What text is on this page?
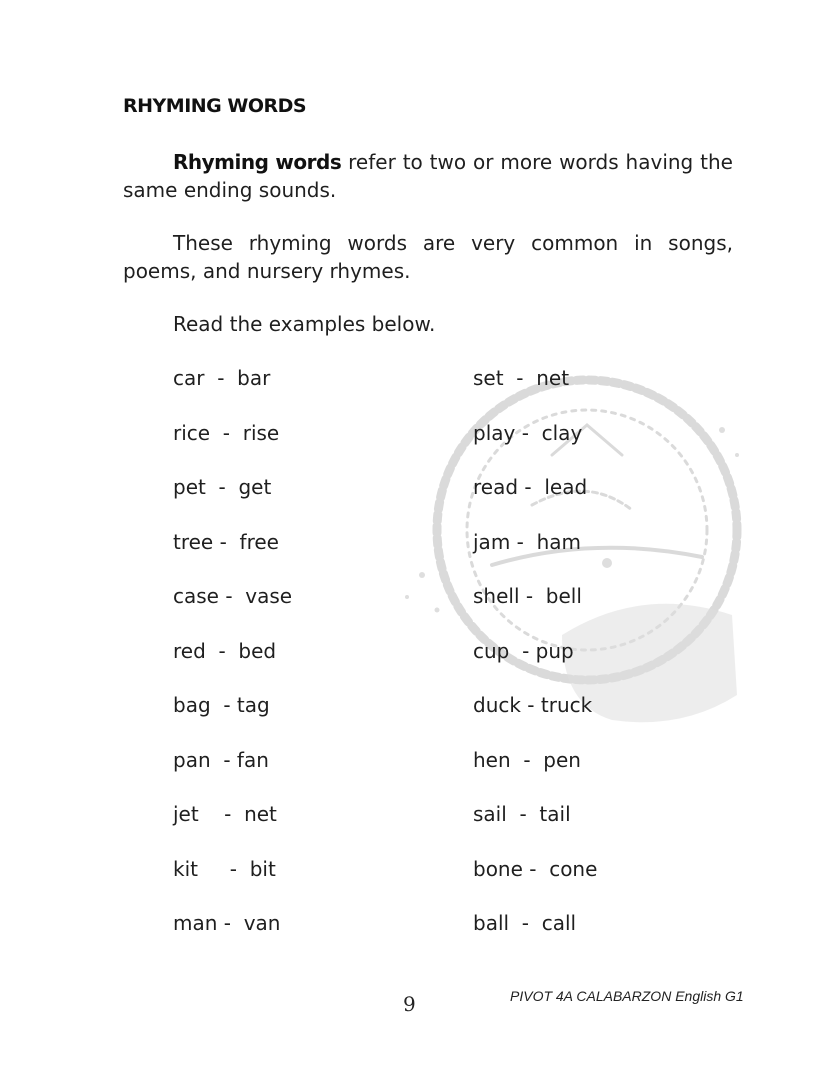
RHYMING WORDS
Rhyming words refer to two or more words having the same ending sounds.
These rhyming words are very common in songs, poems, and nursery rhymes.
Read the examples below.
car  -  bar
rice  -  rise
pet  -  get
tree -  free
case -  vase
red  -  bed
bag  - tag
pan  - fan
jet    -  net
kit     -  bit
man -  van
set  -  net
play -  clay
read -  lead
jam -  ham
shell -  bell
cup  - pup
duck - truck
hen  -  pen
sail  -  tail
bone -  cone
ball  -  call
9	PIVOT 4A CALABARZON English G1
